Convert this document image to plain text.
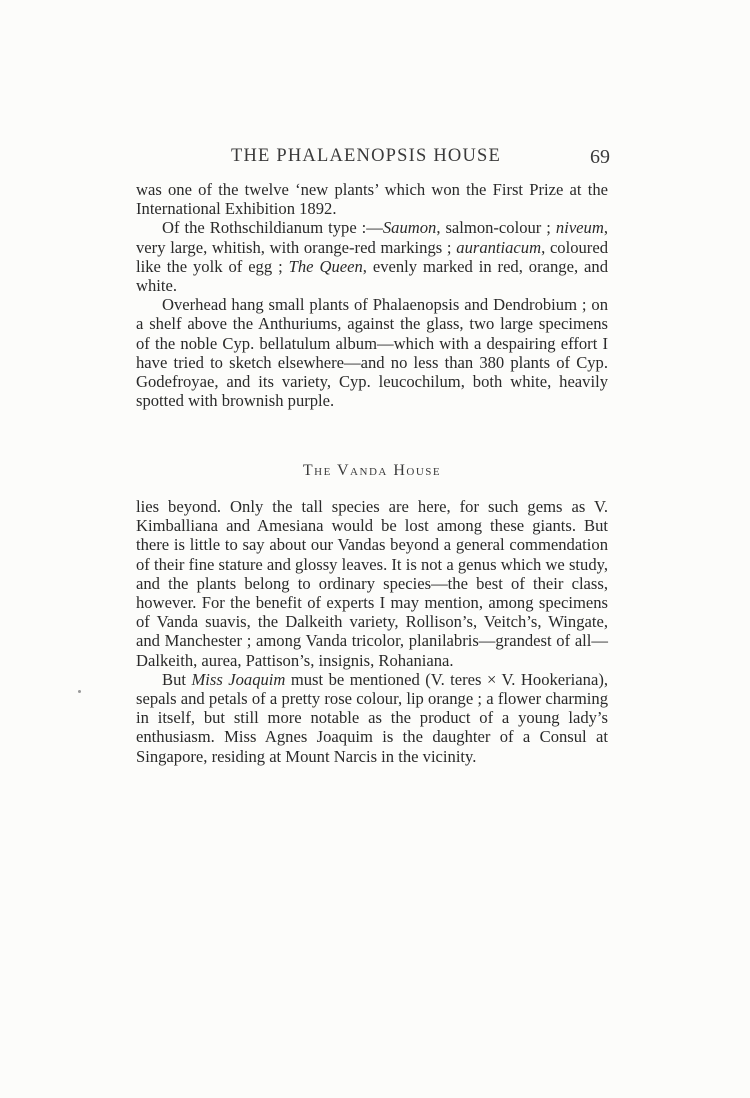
THE PHALAENOPSIS HOUSE	69

was one of the twelve ‘new plants’ which won the First Prize at the International Exhibition 1892.

Of the Rothschildianum type :—Saumon, salmon-colour ; niveum, very large, whitish, with orange-red markings ; aurantiacum, coloured like the yolk of egg ; The Queen, evenly marked in red, orange, and white.

Overhead hang small plants of Phalaenopsis and Dendrobium ; on a shelf above the Anthuriums, against the glass, two large specimens of the noble Cyp. bellatulum album—which with a despairing effort I have tried to sketch elsewhere—and no less than 380 plants of Cyp. Godefroyae, and its variety, Cyp. leucochilum, both white, heavily spotted with brownish purple.

The Vanda House

lies beyond. Only the tall species are here, for such gems as V. Kimballiana and Amesiana would be lost among these giants. But there is little to say about our Vandas beyond a general commendation of their fine stature and glossy leaves. It is not a genus which we study, and the plants belong to ordinary species—the best of their class, however. For the benefit of experts I may mention, among specimens of Vanda suavis, the Dalkeith variety, Rollison’s, Veitch’s, Wingate, and Manchester ; among Vanda tricolor, planilabris—grandest of all—Dalkeith, aurea, Pattison’s, insignis, Rohaniana.

But Miss Joaquim must be mentioned (V. teres × V. Hookeriana), sepals and petals of a pretty rose colour, lip orange ; a flower charming in itself, but still more notable as the product of a young lady’s enthusiasm. Miss Agnes Joaquim is the daughter of a Consul at Singapore, residing at Mount Narcis in the vicinity.
